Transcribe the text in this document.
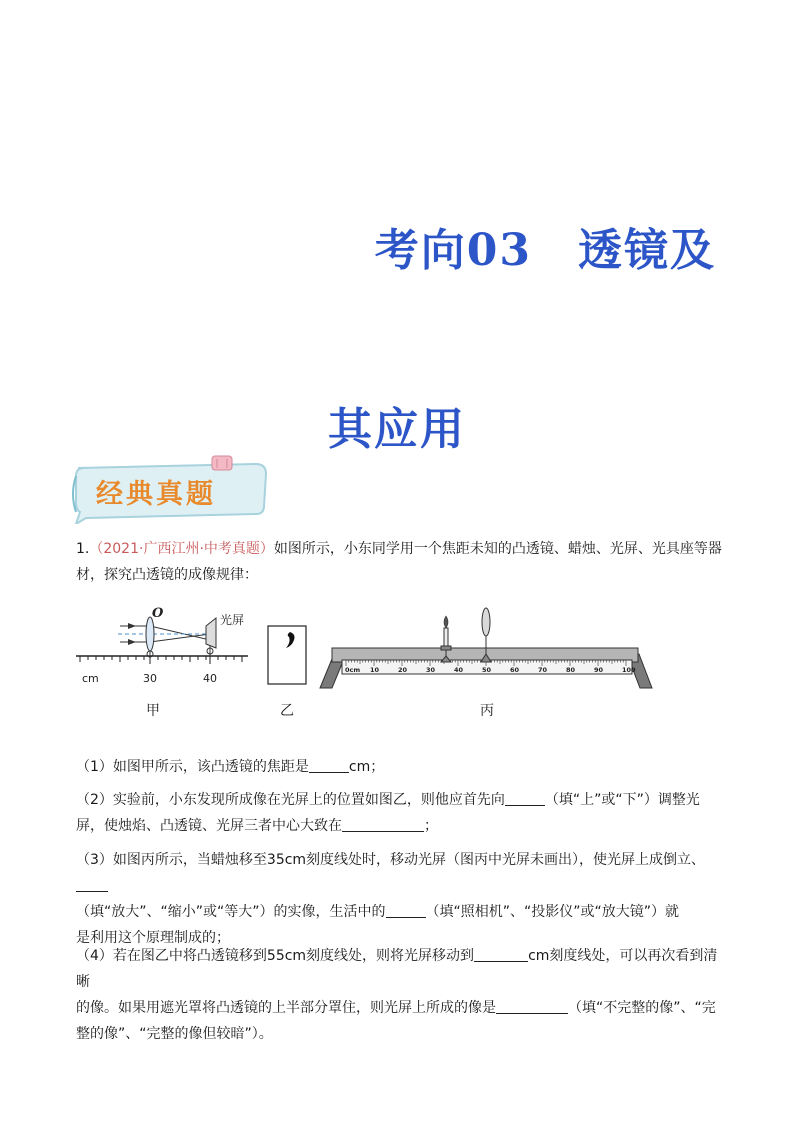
考向03 透镜及
其应用
经典真题
1.（2021·广西江州·中考真题）如图所示，小东同学用一个焦距未知的凸透镜、蜡烛、光屏、光具座等器材，探究凸透镜的成像规律：
O	光屏
cm	30	40
0cm 10	20	30	40	50	60	70	80	90	100
甲	乙	丙
（1）如图甲所示，该凸透镜的焦距是	cm；
（2）实验前，小东发现所成像在光屏上的位置如图乙，则他应首先向	（填“上”或“下”）调整光
屏，使烛焰、凸透镜、光屏三者中心大致在	；
（3）如图丙所示，当蜡烛移至35cm刻度线处时，移动光屏（图丙中光屏未画出），使光屏上成倒立、
（填“放大”、“缩小”或“等大”）的实像，生活中的	（填“照相机”、“投影仪”或“放大镜”）就
是利用这个原理制成的；
（4）若在图乙中将凸透镜移到55cm刻度线处，则将光屏移动到	cm刻度线处，可以再次看到清晰
的像。如果用遮光罩将凸透镜的上半部分罩住，则光屏上所成的像是	（填“不完整的像”、“完
整的像”、“完整的像但较暗”）。
